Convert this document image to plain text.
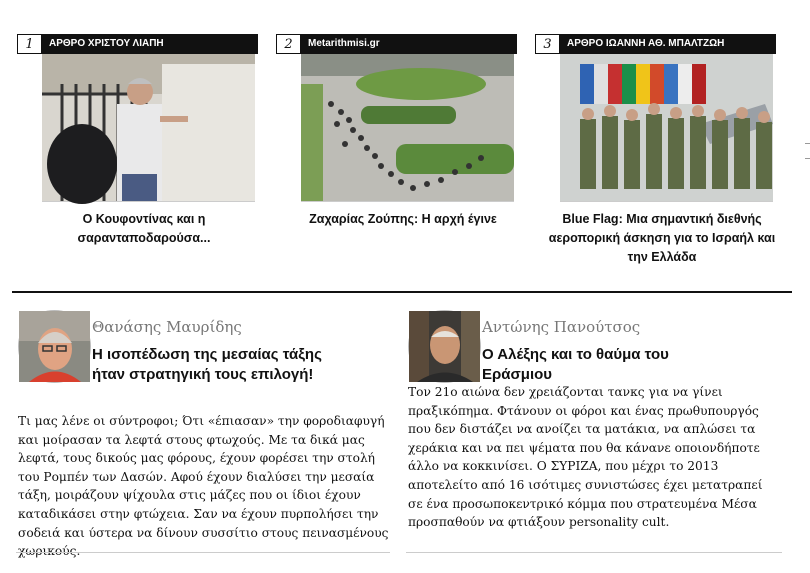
1	ΑΡΘΡΟ ΧΡΙΣΤΟΥ ΛΙΑΠΗ
Ο Κουφοντίνας και η σαρανταποδαρούσα...
2	Metarithmisi.gr
Ζαχαρίας Ζούπης: Η αρχή έγινε
3	ΑΡΘΡΟ ΙΩΑΝΝΗ ΑΘ. ΜΠΑΛΤΖΩΗ
Blue Flag: Μια σημαντική διεθνής αεροπορική άσκηση για το Ισραήλ και την Ελλάδα
Θανάσης Μαυρίδης
Η ισοπέδωση της μεσαίας τάξης ήταν στρατηγική τους επιλογή!
Τι μας λένε οι σύντροφοι; Ότι «έπιασαν» την φοροδιαφυγή και μοίρασαν τα λεφτά στους φτωχούς. Με τα δικά μας λεφτά, τους δικούς μας φόρους, έχουν φορέσει την στολή του Ρομπέν των Δασών. Αφού έχουν διαλύσει την μεσαία τάξη, μοιράζουν ψίχουλα στις μάζες που οι ίδιοι έχουν καταδικάσει στην φτώχεια. Σαν να έχουν πυρπολήσει την σοδειά και ύστερα να δίνουν συσσίτιο στους πεινασμένους
Αντώνης Πανούτσος
Ο Αλέξης και το θαύμα του Εράσμιου
Τον 21ο αιώνα δεν χρειάζονται τανκς για να γίνει πραξικόπημα. Φτάνουν οι φόροι και ένας πρωθυπουργός που δεν διστάζει να ανοίζει τα ματάκια, να απλώσει τα χεράκια και να πει ψέματα που θα κάνανε οποιονδήποτε άλλο να κοκκινίσει. Ο ΣΥΡΙΖΑ, που μέχρι το 2013 αποτελείτο από 16 ισότιμες συνιστώσες έχει μετατραπεί σε ένα προσωποκεντρικό κόμμα που στρατευμένα Μέσα προσπαθούν να φτιάξουν personality cult.
